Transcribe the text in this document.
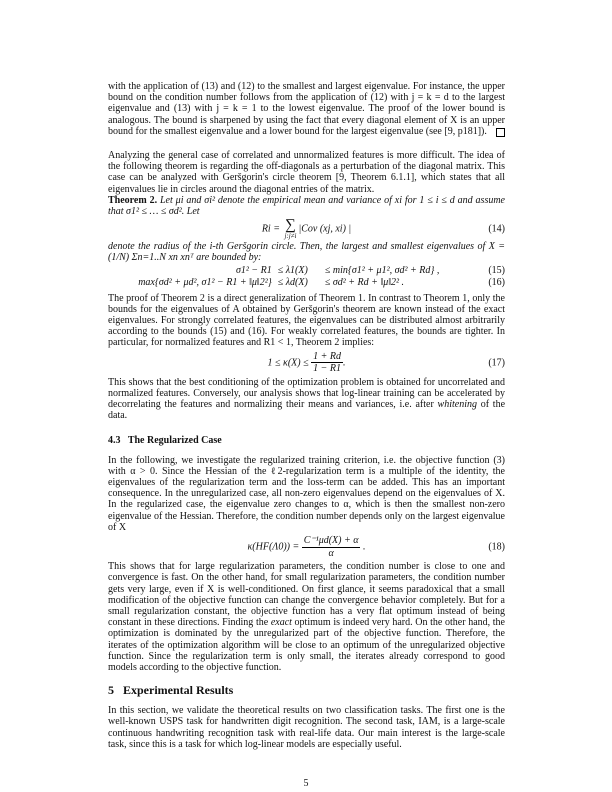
with the application of (13) and (12) to the smallest and largest eigenvalue. For instance, the upper bound on the condition number follows from the application of (12) with j = k = d to the largest eigenvalue and (13) with j = k = 1 to the lowest eigenvalue. The proof of the lower bound is analogous. The bound is sharpened by using the fact that every diagonal element of X is an upper bound for the smallest eigenvalue and a lower bound for the largest eigenvalue (see [9, p181]).

Analyzing the general case of correlated and unnormalized features is more difficult. The idea of the following theorem is regarding the off-diagonals as a perturbation of the diagonal matrix. This case can be analyzed with Geršgorin's circle theorem [9, Theorem 6.1.1], which states that all eigenvalues lie in circles around the diagonal entries of the matrix.

Theorem 2. Let μi and σi² denote the empirical mean and variance of xi for 1 ≤ i ≤ d and assume that σ1² ≤ … ≤ σd². Let

Ri = ∑
j:j≠i
|Cov (xj, xi) |	(14)

denote the radius of the i-th Geršgorin circle. Then, the largest and smallest eigenvalues of X = (1/N) Σn=1..N xn xnᵀ are bounded by:

σ1² − R1	≤ λ1(X)	≤ min{σ1² + μ1², σd² + Rd} ,	(15)
max{σd² + μd², σ1² − R1 + ‖μ‖2²}	≤ λd(X)	≤ σd² + Rd + ‖μ‖2² .	(16)

The proof of Theorem 2 is a direct generalization of Theorem 1. In contrast to Theorem 1, only the bounds for the eigenvalues of A obtained by Geršgorin's theorem are known instead of the exact eigenvalues. For strongly correlated features, the eigenvalues can be distributed almost arbitrarily according to the bounds (15) and (16). For weakly correlated features, the bounds are tighter. In particular, for normalized features and R1 < 1, Theorem 2 implies:

$1 \le \kappa(X) \le \frac{1 + Rd}{1 - R1}$ .	(17)

This shows that the best conditioning of the optimization problem is obtained for uncorrelated and normalized features. Conversely, our analysis shows that log-linear training can be accelerated by decorrelating the features and normalizing their means and variances, i.e. after whitening of the data.

4.3   The Regularized Case

In the following, we investigate the regularized training criterion, i.e. the objective function (3) with α > 0. Since the Hessian of the ℓ2-regularization term is a multiple of the identity, the eigenvalues of the regularization term and the loss-term can be added. This has an important consequence. In the unregularized case, all non-zero eigenvalues depend on the eigenvalues of X. In the regularized case, the eigenvalue zero changes to α, which is then the smallest non-zero eigenvalue of the Hessian. Therefore, the condition number depends only on the largest eigenvalue of X

$\kappa(HF(\Lambda 0)) = \frac{\text{C⁻¹μd(X) + α}}{\alpha}$ .	(18)

This shows that for large regularization parameters, the condition number is close to one and convergence is fast. On the other hand, for small regularization parameters, the condition number gets very large, even if X is well-conditioned. On first glance, it seems paradoxical that a small modification of the objective function can change the convergence behavior completely. But for a small regularization constant, the objective function has a very flat optimum instead of being constant in these directions. Finding the exact optimum is indeed very hard. On the other hand, the optimization is dominated by the unregularized part of the objective function. Therefore, the iterates of the optimization algorithm will be close to an optimum of the unregularized objective function. Since the regularization term is only small, the iterates already correspond to good models according to the objective function.

5   Experimental Results

In this section, we validate the theoretical results on two classification tasks. The first one is the well-known USPS task for handwritten digit recognition. The second task, IAM, is a large-scale continuous handwriting recognition task with real-life data. Our main interest is the large-scale task, since this is a task for which log-linear models are especially useful.

5
